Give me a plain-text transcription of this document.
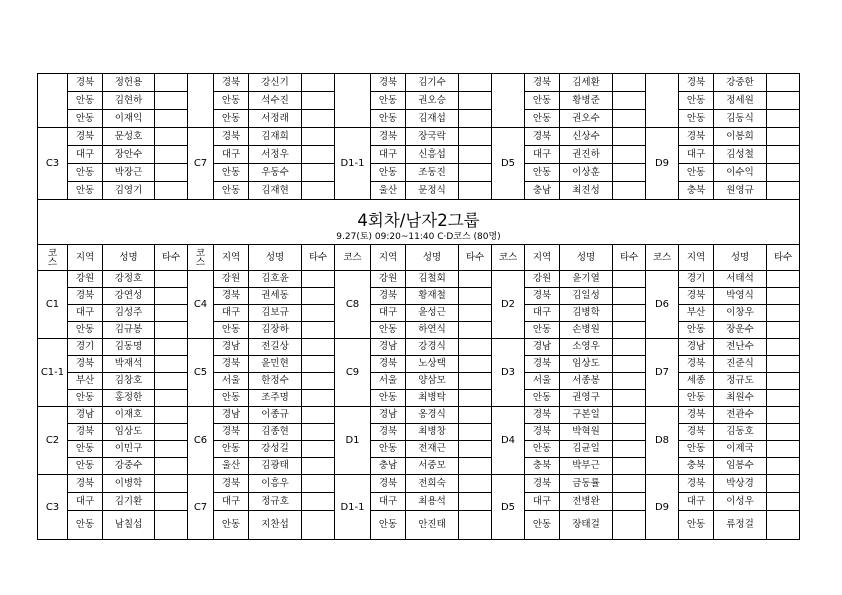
	경북	정헌용			경북	강신기			경북	김기수			경북	김세환			경북	강중한	
	안동	김현하			안동	석수진			안동	권오승			안동	황병준			안동	정세원	
	안동	이재익			안동	서정래			안동	김재섭			안동	권오수			안동	김동식	
C3	경북	문성호		C7	경북	김재희		D1-1	경북	장국락		D5	경북	신상수		D9	경북	이봉희	
	대구	장안수			대구	서정우			대구	신흥섭			대구	권진하			대구	김성철	
	안동	박장근			안동	우동수			안동	조동진			안동	이상훈			안동	이수익	
	안동	김영기			안동	김재현			울산	문정식			충남	최진성			충북	원영규	
4회차/남자2그룹																			
9.27(토) 09:20~11:40 C·D코스 (80명)																			
코스	지역	성명	타수	코스	지역	성명	타수	코스	지역	성명	타수	코스	지역	성명	타수	코스	지역	성명	타수
C1	강원	강정호		C4	강원	김호윤		C8	강원	김철회		D2	강원	윤기열		D6	경기	서태석	
	경북	강연성			경북	권세동			경북	황재철			경북	김일성			경북	박영식	
	대구	김성주			대구	김보규			대구	윤성근			대구	김병학			부산	이창우	
	안동	김규봉			안동	김장하			안동	하연식			안동	손병원			안동	장운수	
C1-1	경기	김동명		C5	경남	전길상		C9	경남	강경식		D3	경남	소영우		D7	경남	전난수	
	경북	박재석			경북	윤민현			경북	노상택			경북	임상도			경북	진준식	
	부산	김창호			서울	한정수			서울	양삼모			서울	서종봉			세종	정규도	
	안동	홍정한			안동	조주명			안동	최병탁			안동	권영구			안동	최원수	
C2	경남	이재호		C6	경남	이종규		D1	경남	옹경식		D4	경북	구본일		D8	경북	전관수	
	경북	임상도			경북	김종현			경북	최병창			경북	박혁원			경북	김동호	
	안동	이민구			안동	강성길			안동	전재근			안동	김균일			안동	이제국	
	안동	강중수			울산	김광태			충남	서중모			충북	박부근			충북	임봉수	
C3	경북	이병학		C7	경북	이흥우		D1-1	경북	전희숙		D5	경북	금동률		D9	경북	박상경	
	대구	김기환			대구	정규호			대구	최용석			대구	전병완			대구	이성우	
	안동	남칠섭			안동	지찬섭			안동	안진태			안동	장태걸			안동	류정걸	
